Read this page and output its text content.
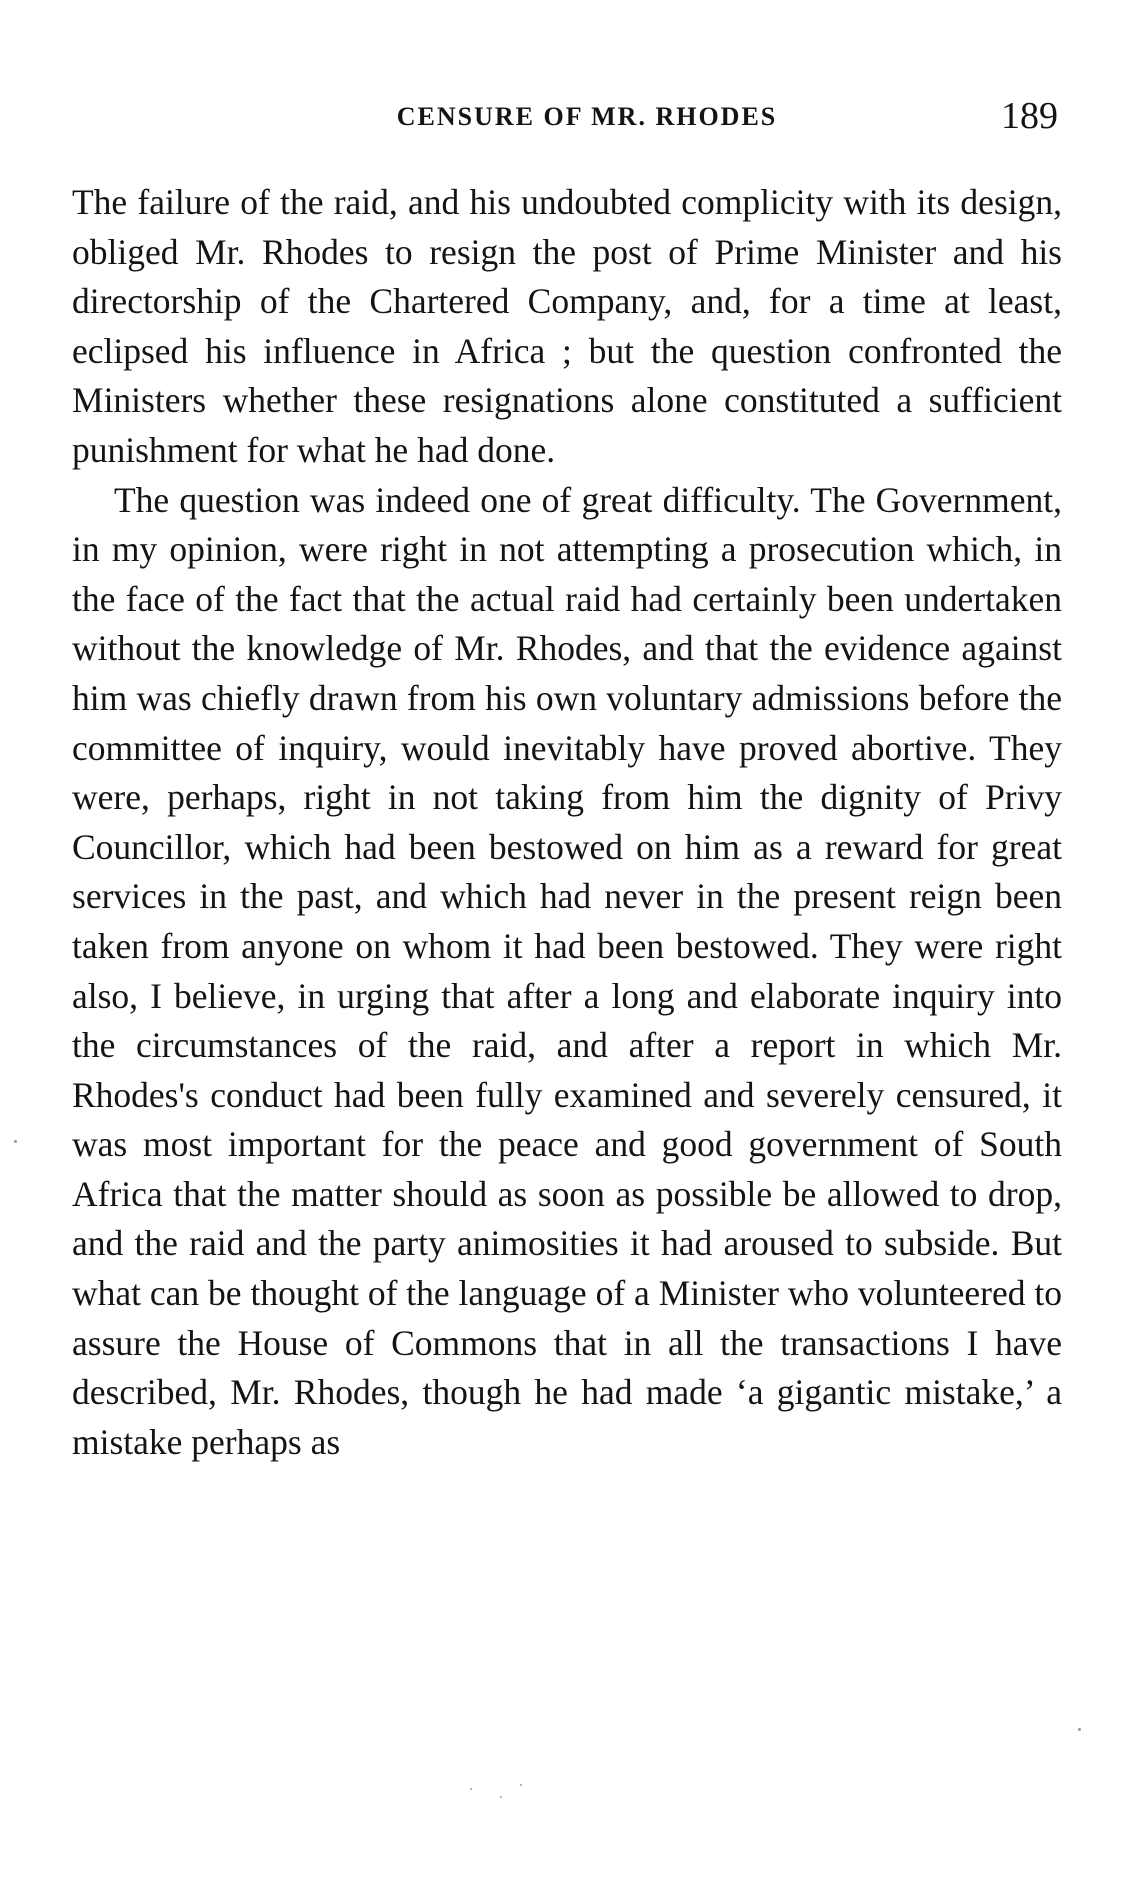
CENSURE OF MR. RHODES	189

The failure of the raid, and his undoubted complicity with its design, obliged Mr. Rhodes to resign the post of Prime Minister and his directorship of the Chartered Company, and, for a time at least, eclipsed his influence in Africa ; but the question confronted the Ministers whether these resignations alone constituted a sufficient punishment for what he had done.

The question was indeed one of great difficulty. The Government, in my opinion, were right in not attempting a prosecution which, in the face of the fact that the actual raid had certainly been undertaken without the knowledge of Mr. Rhodes, and that the evidence against him was chiefly drawn from his own voluntary admissions before the committee of inquiry, would inevitably have proved abortive. They were, perhaps, right in not taking from him the dignity of Privy Councillor, which had been bestowed on him as a reward for great services in the past, and which had never in the present reign been taken from anyone on whom it had been bestowed. They were right also, I believe, in urging that after a long and elaborate inquiry into the circumstances of the raid, and after a report in which Mr. Rhodes's conduct had been fully examined and severely censured, it was most important for the peace and good government of South Africa that the matter should as soon as possible be allowed to drop, and the raid and the party animosities it had aroused to subside. But what can be thought of the language of a Minister who volunteered to assure the House of Commons that in all the transactions I have described, Mr. Rhodes, though he had made ‘a gigantic mistake,’ a mistake perhaps as
